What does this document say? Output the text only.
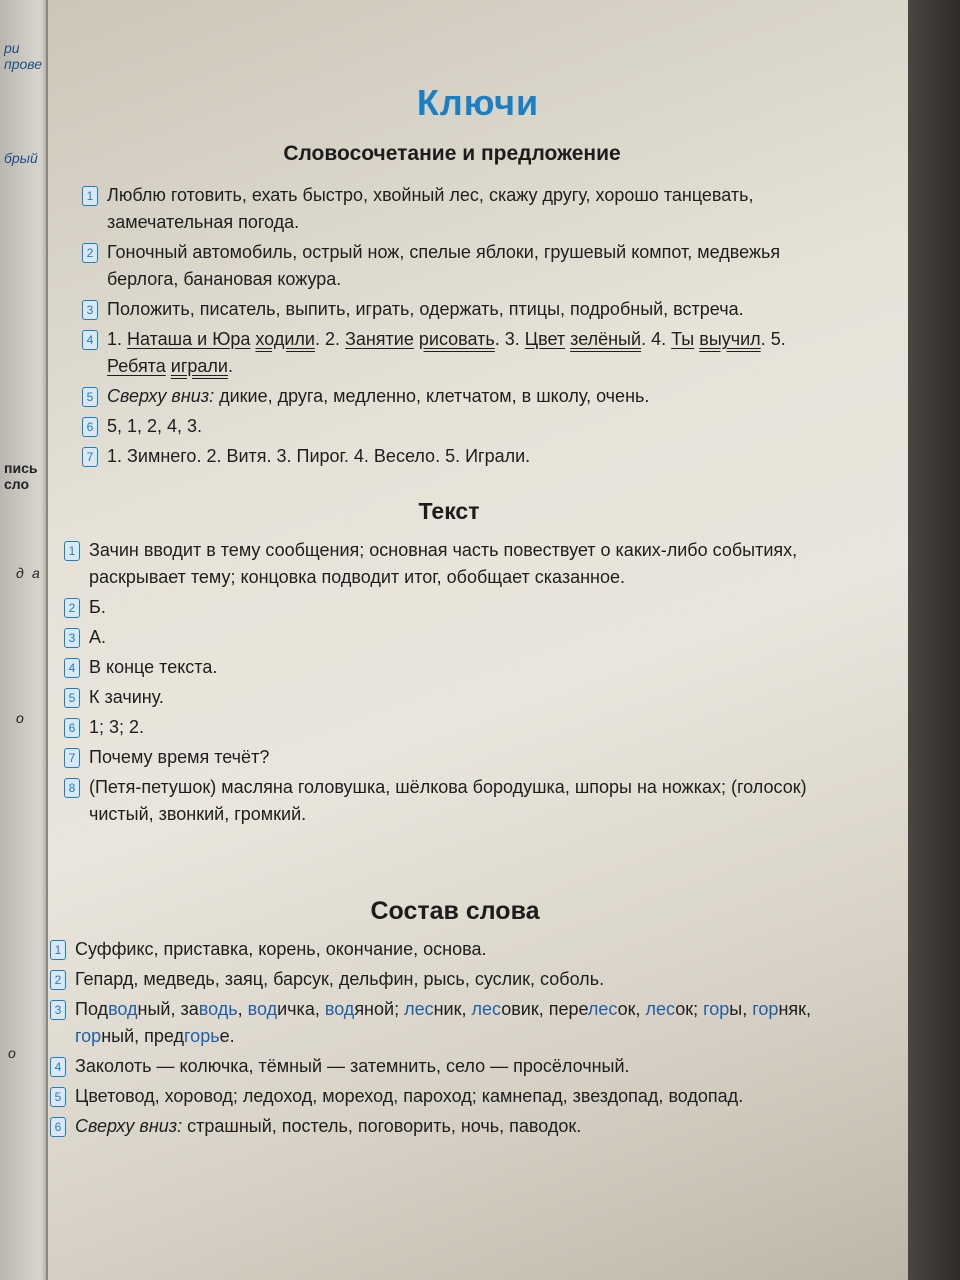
ри прове
брый
пись сло
д а
о
о
Ключи
Словосочетание и предложение
1 Люблю готовить, ехать быстро, хвойный лес, скажу другу, хорошо танцевать, замечательная погода.
2 Гоночный автомобиль, острый нож, спелые яблоки, грушевый компот, медвежья берлога, банановая кожура.
3 Положить, писатель, выпить, играть, одержать, птицы, подробный, встреча.
4 1. Наташа и Юра ходили. 2. Занятие рисовать. 3. Цвет зелёный. 4. Ты выучил. 5. Ребята играли.
5 Сверху вниз: дикие, друга, медленно, клетчатом, в школу, очень.
6 5, 1, 2, 4, 3.
7 1. Зимнего. 2. Витя. 3. Пирог. 4. Весело. 5. Играли.
Текст
1 Зачин вводит в тему сообщения; основная часть повествует о каких-либо событиях, раскрывает тему; концовка подводит итог, обобщает сказанное.
2 Б.
3 А.
4 В конце текста.
5 К зачину.
6 1; 3; 2.
7 Почему время течёт?
8 (Петя-петушок) масляна головушка, шёлкова бородушка, шпоры на ножках; (голосок) чистый, звонкий, громкий.
Состав слова
1 Суффикс, приставка, корень, окончание, основа.
2 Гепард, медведь, заяц, барсук, дельфин, рысь, суслик, соболь.
3 Подводный, заводь, водичка, водяной; лесник, лесовик, перелесок, лесок; горы, горняк, горный, предгорье.
4 Заколоть — колючка, тёмный — затемнить, село — просёлочный.
5 Цветовод, хоровод; ледоход, мореход, пароход; камнепад, звездопад, водопад.
6 Сверху вниз: страшный, постель, поговорить, ночь, паводок.
